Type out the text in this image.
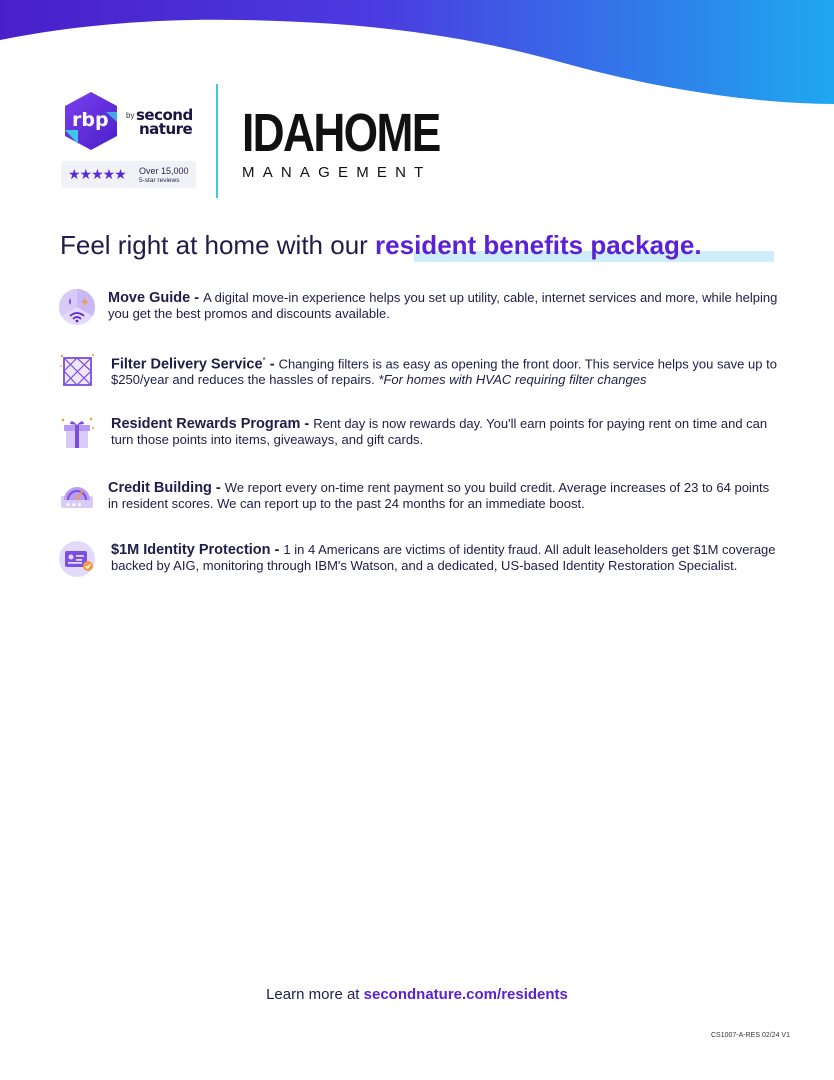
rbp by second
nature
★★★★★ Over 15,000
5-star reviews
IDAHOME
MANAGEMENT
Feel right at home with our resident benefits package.
Move Guide - A digital move-in experience helps you set up utility, cable, internet services and more, while helping you get the best promos and discounts available.
Filter Delivery Service* - Changing filters is as easy as opening the front door. This service helps you save up to $250/year and reduces the hassles of repairs. *For homes with HVAC requiring filter changes
Resident Rewards Program - Rent day is now rewards day. You'll earn points for paying rent on time and can turn those points into items, giveaways, and gift cards.
✱ ✱ ✱
Credit Building - We report every on-time rent payment so you build credit. Average increases of 23 to 64 points in resident scores. We can report up to the past 24 months for an immediate boost.
$1M Identity Protection - 1 in 4 Americans are victims of identity fraud. All adult leaseholders get $1M coverage backed by AIG, monitoring through IBM's Watson, and a dedicated, US-based Identity Restoration Specialist.
Learn more at secondnature.com/residents
CS1007-A-RES 02/24 V1
